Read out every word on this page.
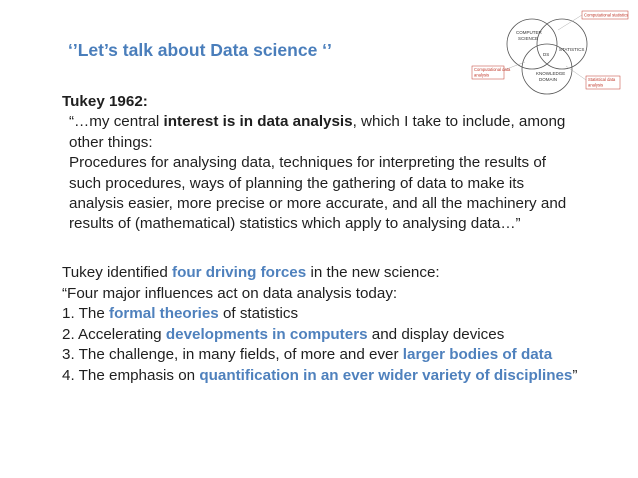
‘’Let’s talk about Data science ‘’
COMPUTER
SCIENCE
STATISTICS
DS
KNOWLEDGE
DOMAIN
Computational statistics
Computational data
analysis
Statistical data
analysis
Tukey 1962:
“…my central interest is in data analysis, which I take to include, among
other things:
Procedures for analysing data, techniques for interpreting the results of
such procedures, ways of planning the gathering of data to make its
analysis easier, more precise or more accurate, and all the machinery and
results of (mathematical) statistics which apply to analysing data…”
Tukey identified four driving forces in the new science:
“Four major influences act on data analysis today:
1. The formal theories of statistics
2. Accelerating developments in computers and display devices
3. The challenge, in many fields, of more and ever larger bodies of data
4. The emphasis on quantification in an ever wider variety of disciplines”
